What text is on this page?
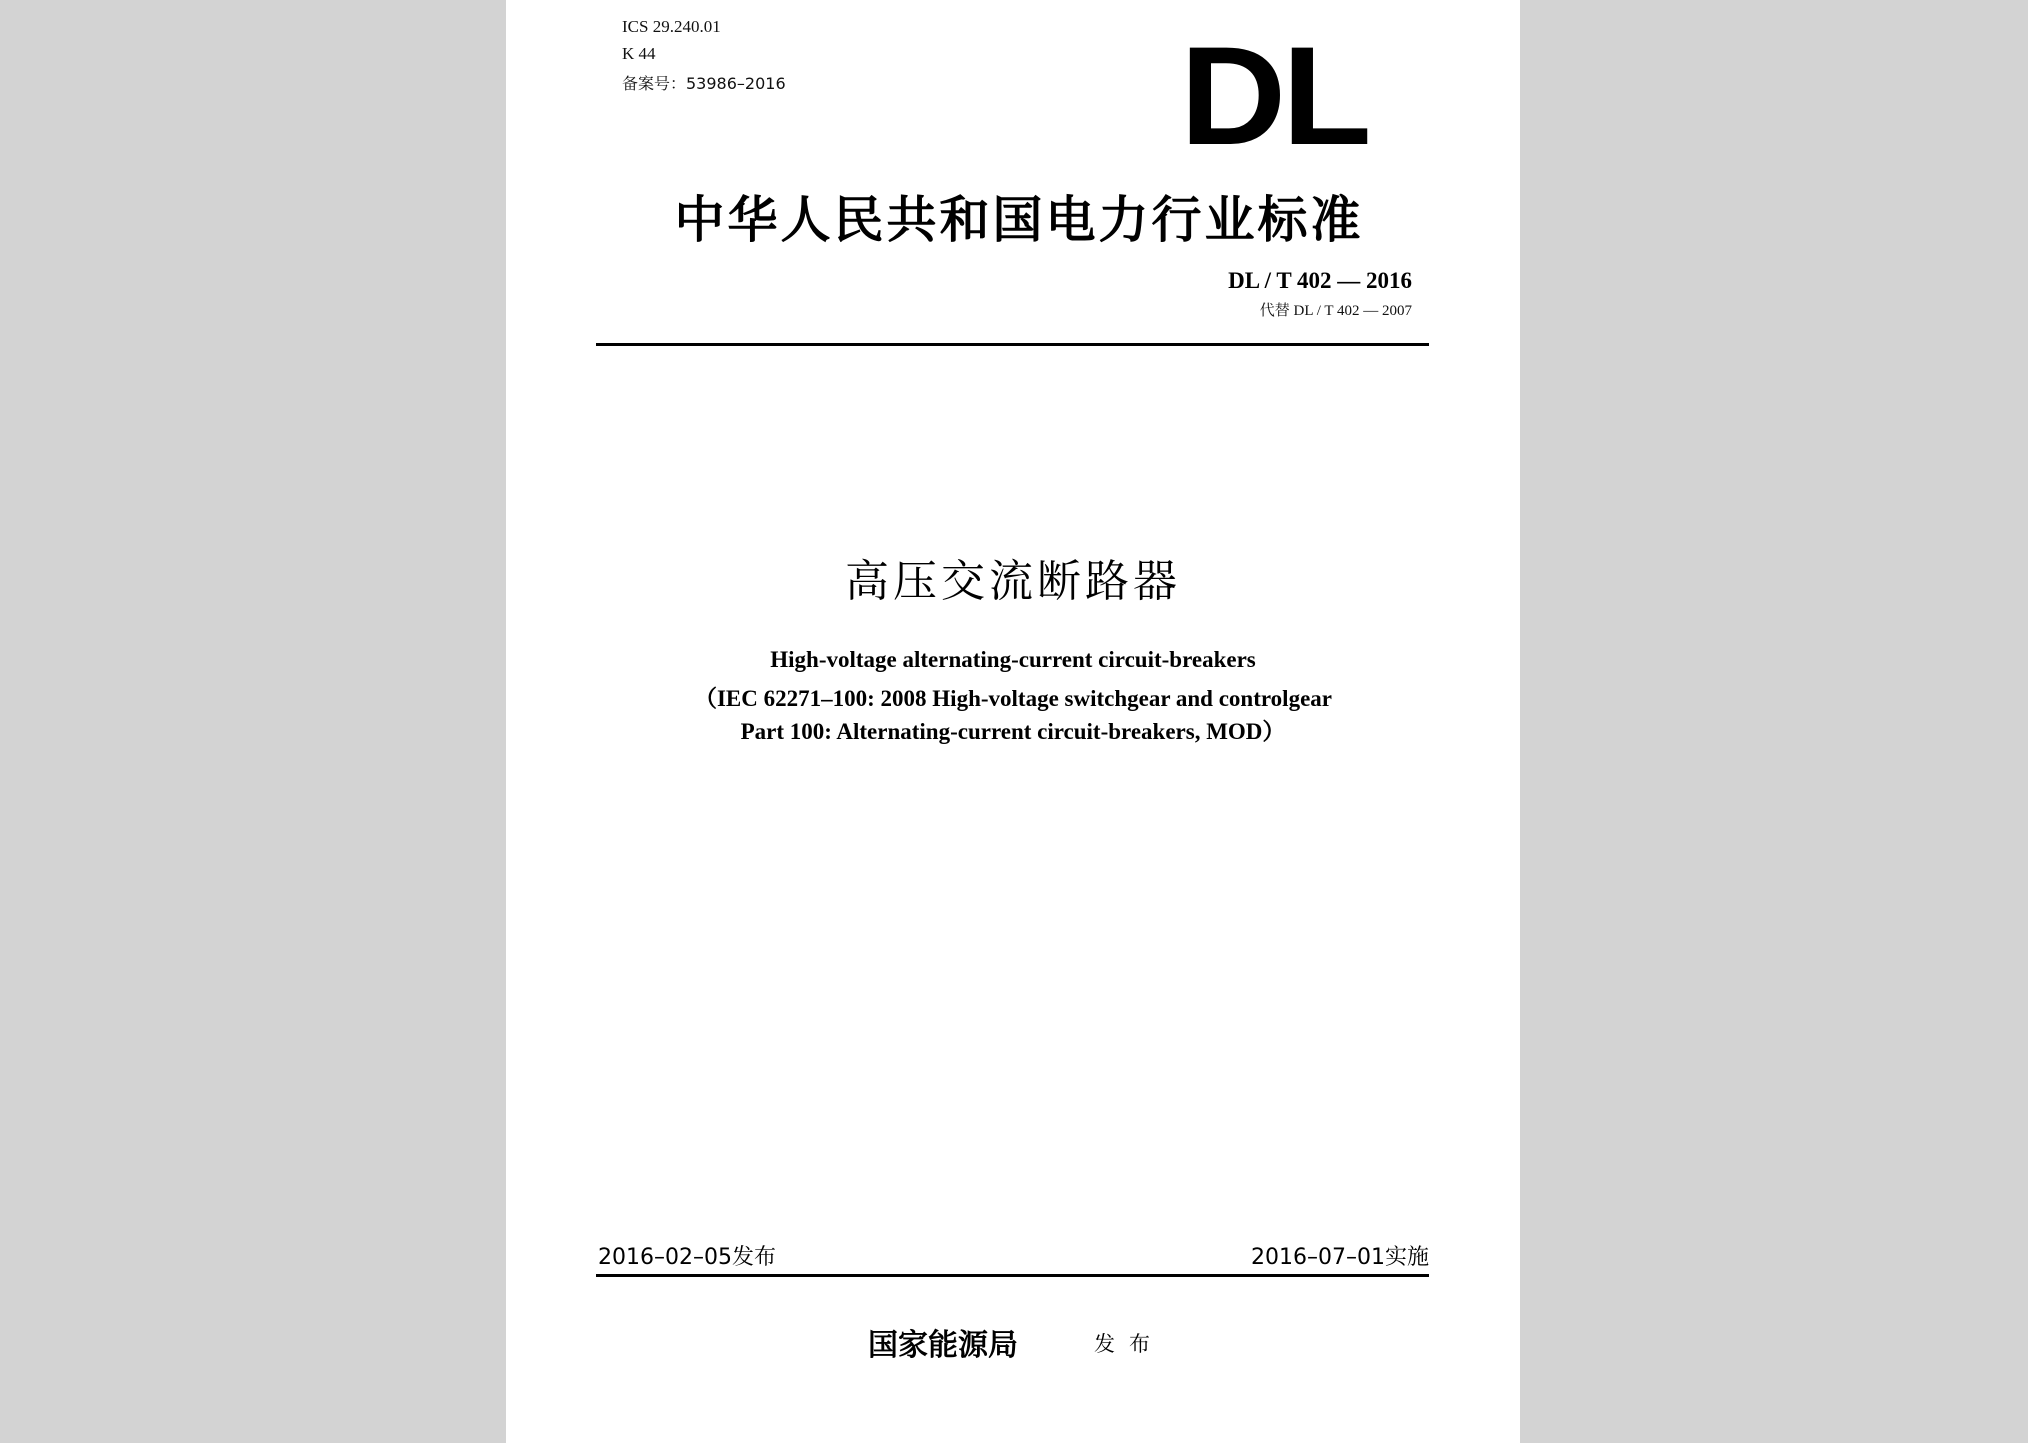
ICS 29.240.01
K 44
备案号：53986–2016	DL
中华人民共和国电力行业标准
DL / T 402 — 2016
代替 DL / T 402 — 2007
高压交流断路器
High-voltage alternating-current circuit-breakers
（IEC 62271–100: 2008 High-voltage switchgear and controlgear
Part 100: Alternating-current circuit-breakers, MOD）
2016–02–05发布	2016–07–01实施
国家能源局	发布
